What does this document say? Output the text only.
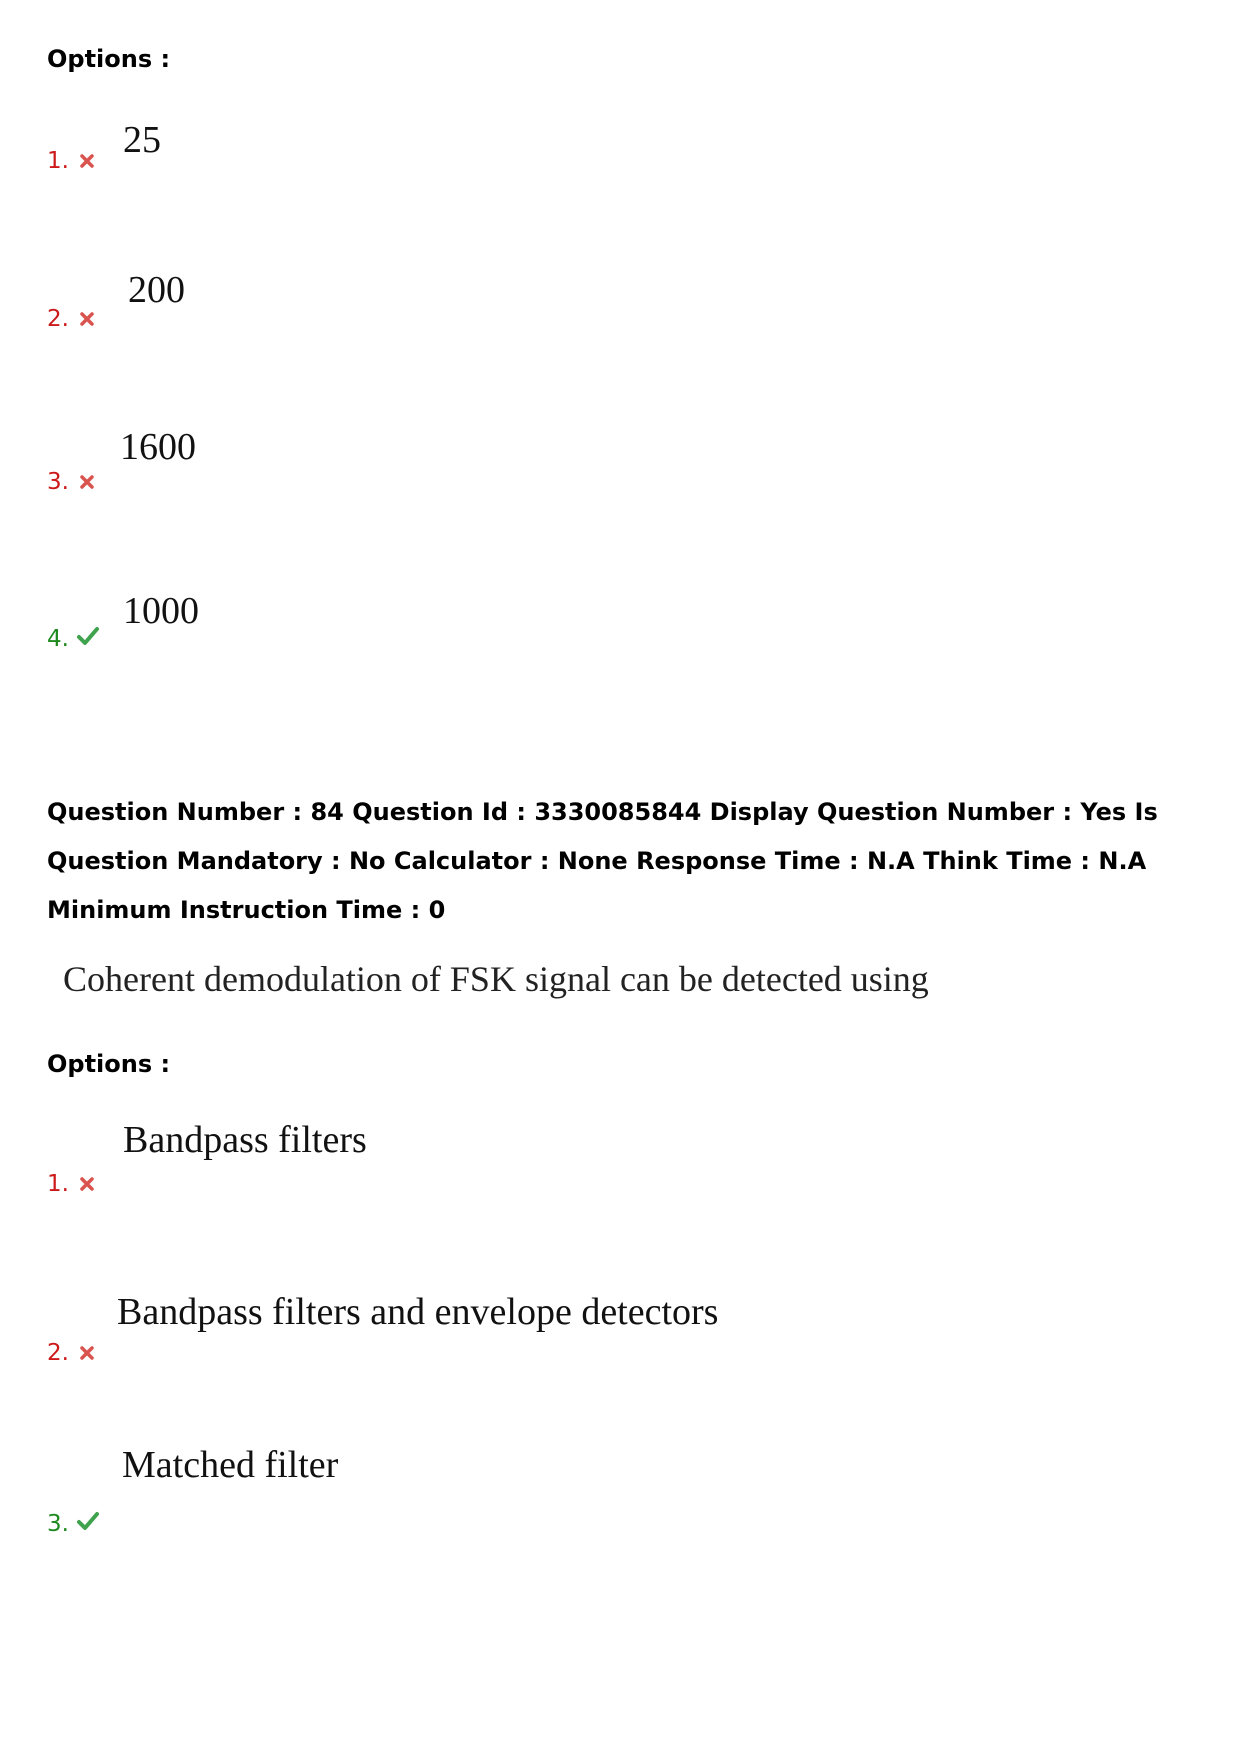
Options :
1. 25
2.
200
3.
1600
4.
1000
Question Number : 84 Question Id : 3330085844 Display Question Number : Yes Is Question Mandatory : No Calculator : None Response Time : N.A Think Time : N.A Minimum Instruction Time : 0
Coherent demodulation of FSK signal can be detected using
Options :
1.
Bandpass filters
2.
Bandpass filters and envelope detectors
3.
Matched filter
